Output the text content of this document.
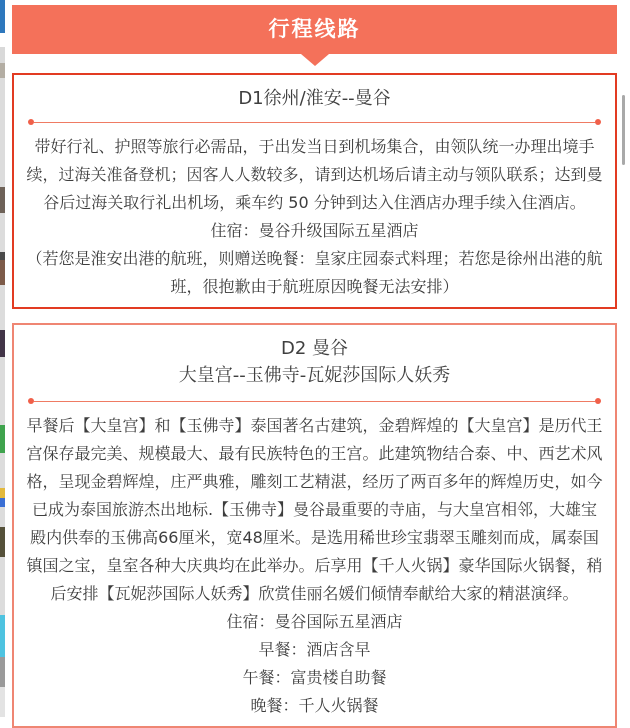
行程线路
D1徐州/淮安--曼谷

带好行礼、护照等旅行必需品，于出发当日到机场集合，由领队统一办理出境手续，过海关准备登机；因客人人数较多，请到达机场后请主动与领队联系；达到曼谷后过海关取行礼出机场，乘车约 50 分钟到达入住酒店办理手续入住酒店。

住宿：曼谷升级国际五星酒店

（若您是淮安出港的航班，则赠送晚餐：皇家庄园泰式料理；若您是徐州出港的航班，很抱歉由于航班原因晚餐无法安排）

D2 曼谷
大皇宫--玉佛寺-瓦妮莎国际人妖秀

早餐后【大皇宫】和【玉佛寺】泰国著名古建筑，金碧辉煌的【大皇宫】是历代王宫保存最完美、规模最大、最有民族特色的王宫。此建筑物结合泰、中、西艺术风格，呈现金碧辉煌，庄严典雅，雕刻工艺精湛，经历了两百多年的辉煌历史，如今已成为泰国旅游杰出地标.【玉佛寺】曼谷最重要的寺庙，与大皇宫相邻，大雄宝殿内供奉的玉佛高66厘米，宽48厘米。是选用稀世珍宝翡翠玉雕刻而成，属泰国镇国之宝，皇室各种大庆典均在此举办。后享用【千人火锅】豪华国际火锅餐，稍后安排【瓦妮莎国际人妖秀】欣赏佳丽名媛们倾情奉献给大家的精湛演绎。

住宿：曼谷国际五星酒店

早餐：酒店含早

午餐：富贵楼自助餐

晚餐：千人火锅餐
